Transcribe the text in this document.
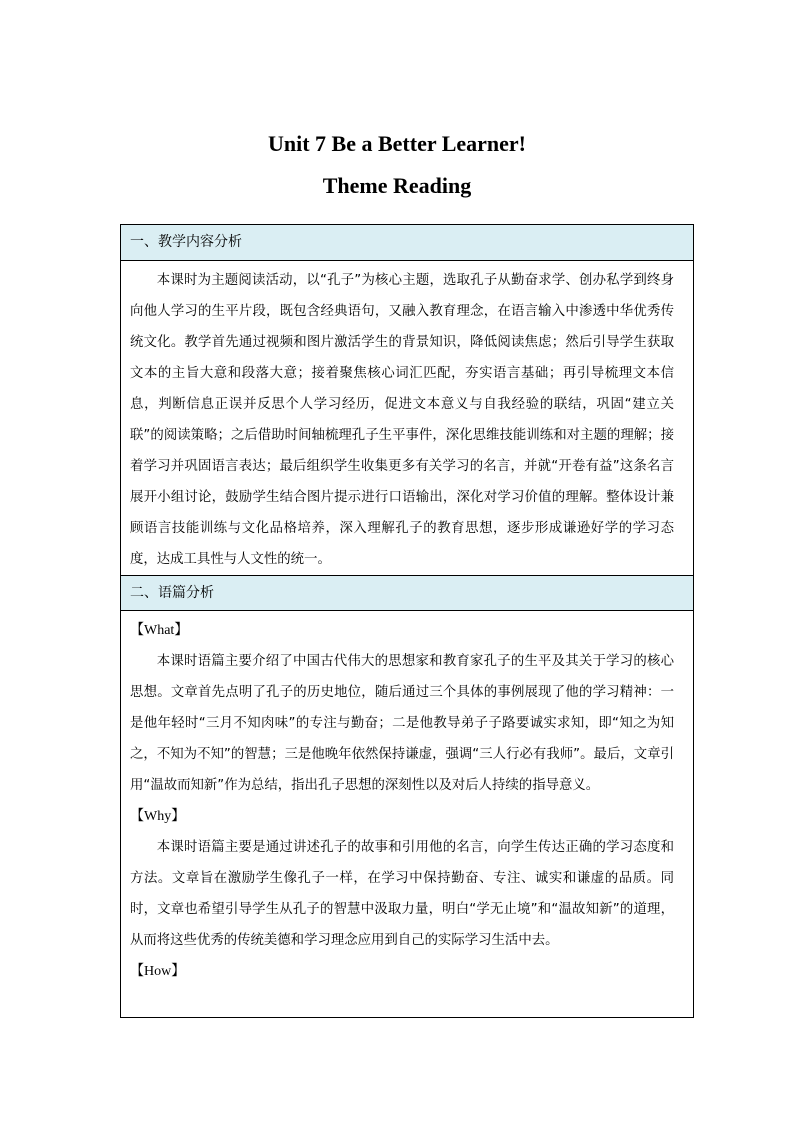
Unit 7 Be a Better Learner!
Theme Reading
一、教学内容分析

本课时为主题阅读活动，以“孔子”为核心主题，选取孔子从勤奋求学、创办私学到终身向他人学习的生平片段，既包含经典语句，又融入教育理念，在语言输入中渗透中华优秀传统文化。教学首先通过视频和图片激活学生的背景知识，降低阅读焦虑；然后引导学生获取文本的主旨大意和段落大意；接着聚焦核心词汇匹配，夯实语言基础；再引导梳理文本信息，判断信息正误并反思个人学习经历，促进文本意义与自我经验的联结，巩固“建立关联”的阅读策略；之后借助时间轴梳理孔子生平事件，深化思维技能训练和对主题的理解；接着学习并巩固语言表达；最后组织学生收集更多有关学习的名言，并就“开卷有益”这条名言展开小组讨论，鼓励学生结合图片提示进行口语输出，深化对学习价值的理解。整体设计兼顾语言技能训练与文化品格培养，深入理解孔子的教育思想，逐步形成谦逊好学的学习态度，达成工具性与人文性的统一。

二、语篇分析

【What】

本课时语篇主要介绍了中国古代伟大的思想家和教育家孔子的生平及其关于学习的核心思想。文章首先点明了孔子的历史地位，随后通过三个具体的事例展现了他的学习精神：一是他年轻时“三月不知肉味”的专注与勤奋；二是他教导弟子子路要诚实求知，即“知之为知之，不知为不知”的智慧；三是他晚年依然保持谦虚，强调“三人行必有我师”。最后，文章引用“温故而知新”作为总结，指出孔子思想的深刻性以及对后人持续的指导意义。

【Why】

本课时语篇主要是通过讲述孔子的故事和引用他的名言，向学生传达正确的学习态度和方法。文章旨在激励学生像孔子一样，在学习中保持勤奋、专注、诚实和谦虚的品质。同时，文章也希望引导学生从孔子的智慧中汲取力量，明白“学无止境”和“温故知新”的道理，从而将这些优秀的传统美德和学习理念应用到自己的实际学习生活中去。

【How】
